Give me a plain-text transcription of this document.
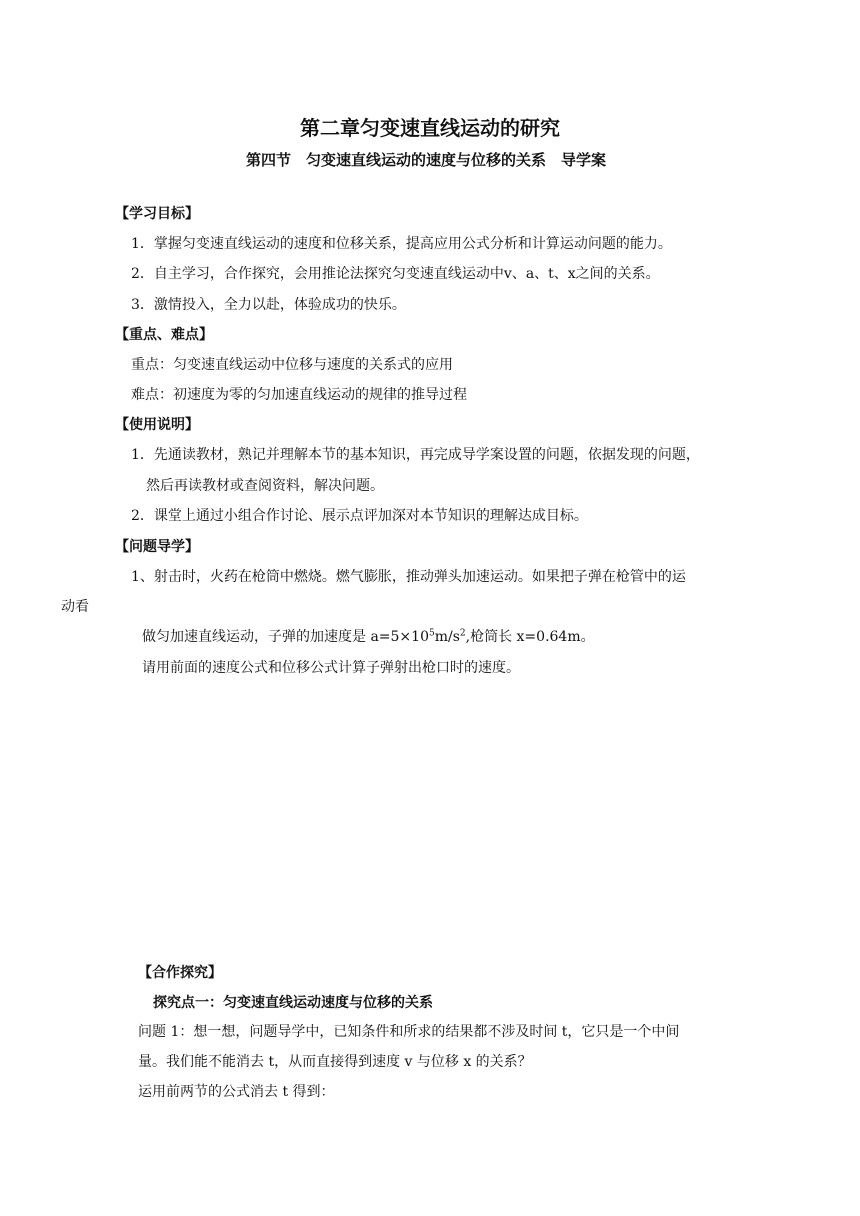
第二章匀变速直线运动的研究
第四节　匀变速直线运动的速度与位移的关系　导学案
【学习目标】
1．掌握匀变速直线运动的速度和位移关系，提高应用公式分析和计算运动问题的能力。
2．自主学习，合作探究，会用推论法探究匀变速直线运动中v、a、t、x之间的关系。
3．激情投入，全力以赴，体验成功的快乐。
【重点、难点】
重点：匀变速直线运动中位移与速度的关系式的应用
难点：初速度为零的匀加速直线运动的规律的推导过程
【使用说明】
1．先通读教材，熟记并理解本节的基本知识，再完成导学案设置的问题，依据发现的问题，
然后再读教材或查阅资料，解决问题。
2．课堂上通过小组合作讨论、展示点评加深对本节知识的理解达成目标。
【问题导学】
1、射击时，火药在枪筒中燃烧。燃气膨胀，推动弹头加速运动。如果把子弹在枪管中的运
动看
做匀加速直线运动，子弹的加速度是 $a=5\times 10^5m/s^2$,枪筒长 x=0.64m。
请用前面的速度公式和位移公式计算子弹射出枪口时的速度。
【合作探究】
探究点一：匀变速直线运动速度与位移的关系
问题 1：想一想，问题导学中，已知条件和所求的结果都不涉及时间 t，它只是一个中间
量。我们能不能消去 t，从而直接得到速度 v 与位移 x 的关系？
运用前两节的公式消去 t 得到：
